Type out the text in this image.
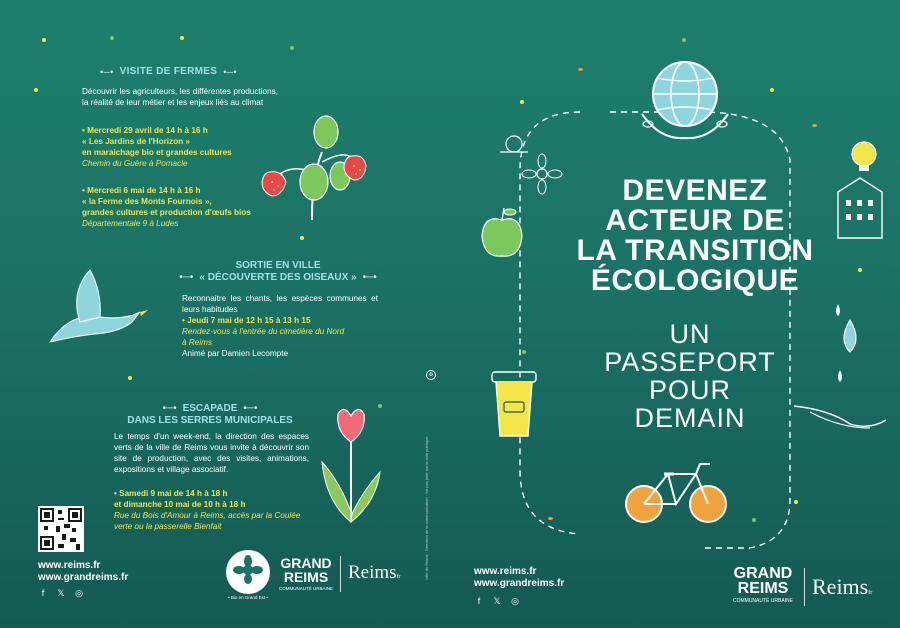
•─• VISITE DE FERMES •─•
Découvrir les agriculteurs, les différentes productions, la réalité de leur métier et les enjeux liés au climat

• Mercredi 29 avril de 14 h à 16 h

« Les Jardins de l'Horizon »

en maraichage bio et grandes cultures

Chemin du Guère à Pomacle

• Mercredi 6 mai de 14 h à 16 h

« la Ferme des Monts Fournois »,

grandes cultures et production d'œufs bios

Départementale 9 à Ludes

SORTIE EN VILLE
•─• « DÉCOUVERTE DES OISEAUX » •─•

Reconnaitre les chants, les espèces communes et leurs habitudes

• Jeudi 7 mai de 12 h 15 à 13 h 15

Rendez-vous à l'entrée du cimetière du Nord

à Reims

Animé par Damien Lecompte

•─• ESCAPADE •─•
DANS LES SERRES MUNICIPALES
Le temps d'un week-end, la direction des espaces verts de la ville de Reims vous invite à découvrir son site de production, avec des visites, animations, expositions et village associatif.

• Samedi 9 mai de 14 h à 18 h

et dimanche 10 mai de 10 h à 18 h

Rue du Bois d'Amour à Reims, accès par la Coulée verte ou la passerelle Bienfait

www.reims.fr
www.grandreims.fr
f	𝕏 ◎	• Bio en Grand Est •
GRAND
REIMS
COMMUNAUTÉ URBAINE
Reimsfr	Ville de Reims · Direction de la communication · Ne pas jeter sur la voie publique
♻
DEVENEZ
ACTEUR DE
LA TRANSITION
ÉCOLOGIQUE
UN
PASSEPORT
POUR
DEMAIN
www.reims.fr
www.grandreims.fr
f	𝕏 ◎
GRAND
REIMS
COMMUNAUTÉ URBAINE
Reimsfr
